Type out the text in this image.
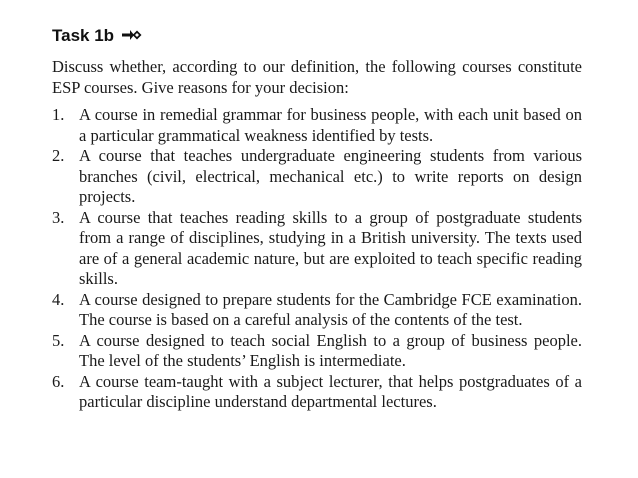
Task 1b

Discuss whether, according to our definition, the following courses constitute ESP courses. Give reasons for your decision:

1. A course in remedial grammar for business people, with each unit based on a particular grammatical weakness identified by tests.
2. A course that teaches undergraduate engineering students from various branches (civil, electrical, mechanical etc.) to write reports on design projects.
3. A course that teaches reading skills to a group of postgraduate students from a range of disciplines, studying in a British university. The texts used are of a general academic nature, but are exploited to teach specific reading skills.
4. A course designed to prepare students for the Cambridge FCE examination. The course is based on a careful analysis of the contents of the test.
5. A course designed to teach social English to a group of business people. The level of the students’ English is intermediate.
6. A course team-taught with a subject lecturer, that helps postgraduates of a particular discipline understand departmental lectures.
